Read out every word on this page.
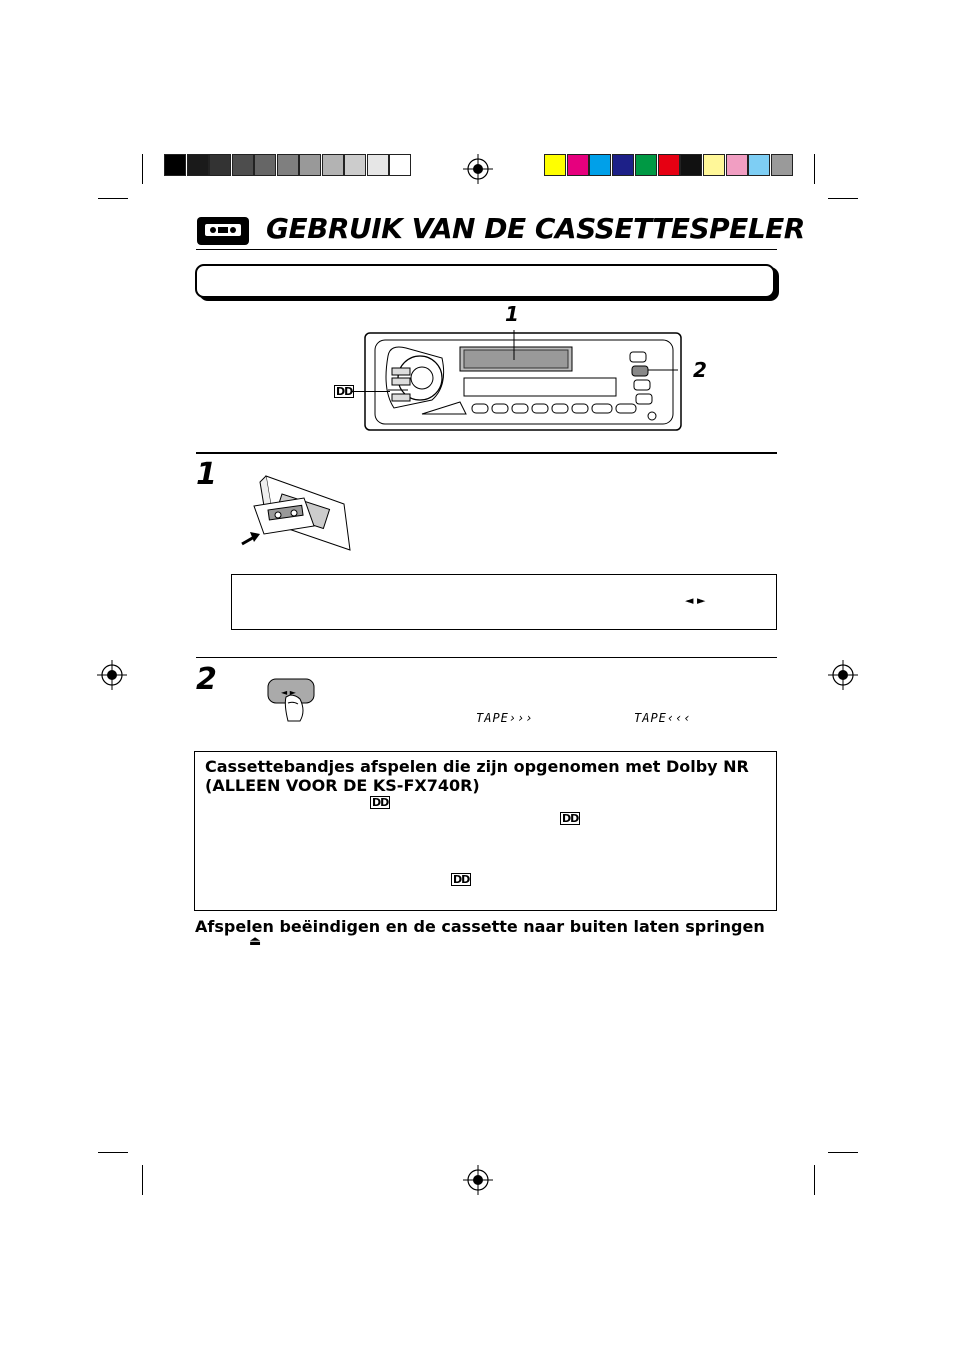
GEBRUIK VAN DE CASSETTESPELER
1
2
DD
1
◄ ►
2	◄ ►
TAPE›››	TAPE‹‹‹
Cassettebandjes afspelen die zijn opgenomen met Dolby NR
(ALLEEN VOOR DE KS-FX740R)
DD
DD
DD
Afspelen beëindigen en de cassette naar buiten laten springen
⏏
